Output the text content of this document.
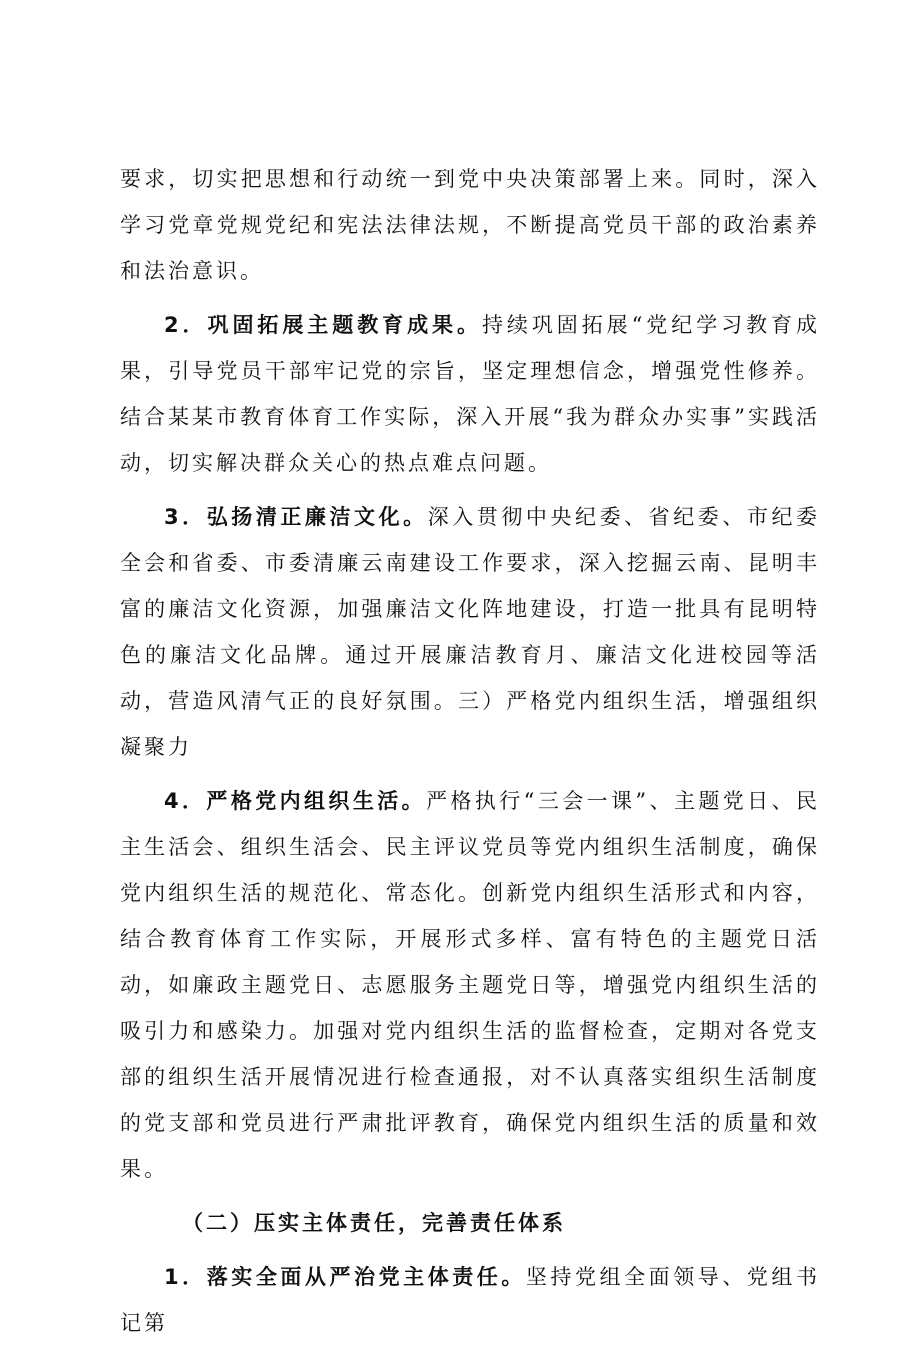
要求，切实把思想和行动统一到党中央决策部署上来。同时，深入学习党章党规党纪和宪法法律法规，不断提高党员干部的政治素养和法治意识。

2．巩固拓展主题教育成果。持续巩固拓展“党纪学习教育成果，引导党员干部牢记党的宗旨，坚定理想信念，增强党性修养。结合某某市教育体育工作实际，深入开展“我为群众办实事”实践活动，切实解决群众关心的热点难点问题。

3．弘扬清正廉洁文化。深入贯彻中央纪委、省纪委、市纪委全会和省委、市委清廉云南建设工作要求，深入挖掘云南、昆明丰富的廉洁文化资源，加强廉洁文化阵地建设，打造一批具有昆明特色的廉洁文化品牌。通过开展廉洁教育月、廉洁文化进校园等活动，营造风清气正的良好氛围。三）严格党内组织生活，增强组织凝聚力

4．严格党内组织生活。严格执行“三会一课”、主题党日、民主生活会、组织生活会、民主评议党员等党内组织生活制度，确保党内组织生活的规范化、常态化。创新党内组织生活形式和内容，结合教育体育工作实际，开展形式多样、富有特色的主题党日活动，如廉政主题党日、志愿服务主题党日等，增强党内组织生活的吸引力和感染力。加强对党内组织生活的监督检查，定期对各党支部的组织生活开展情况进行检查通报，对不认真落实组织生活制度的党支部和党员进行严肃批评教育，确保党内组织生活的质量和效果。

（二）压实主体责任，完善责任体系

1．落实全面从严治党主体责任。坚持党组全面领导、党组书记第
